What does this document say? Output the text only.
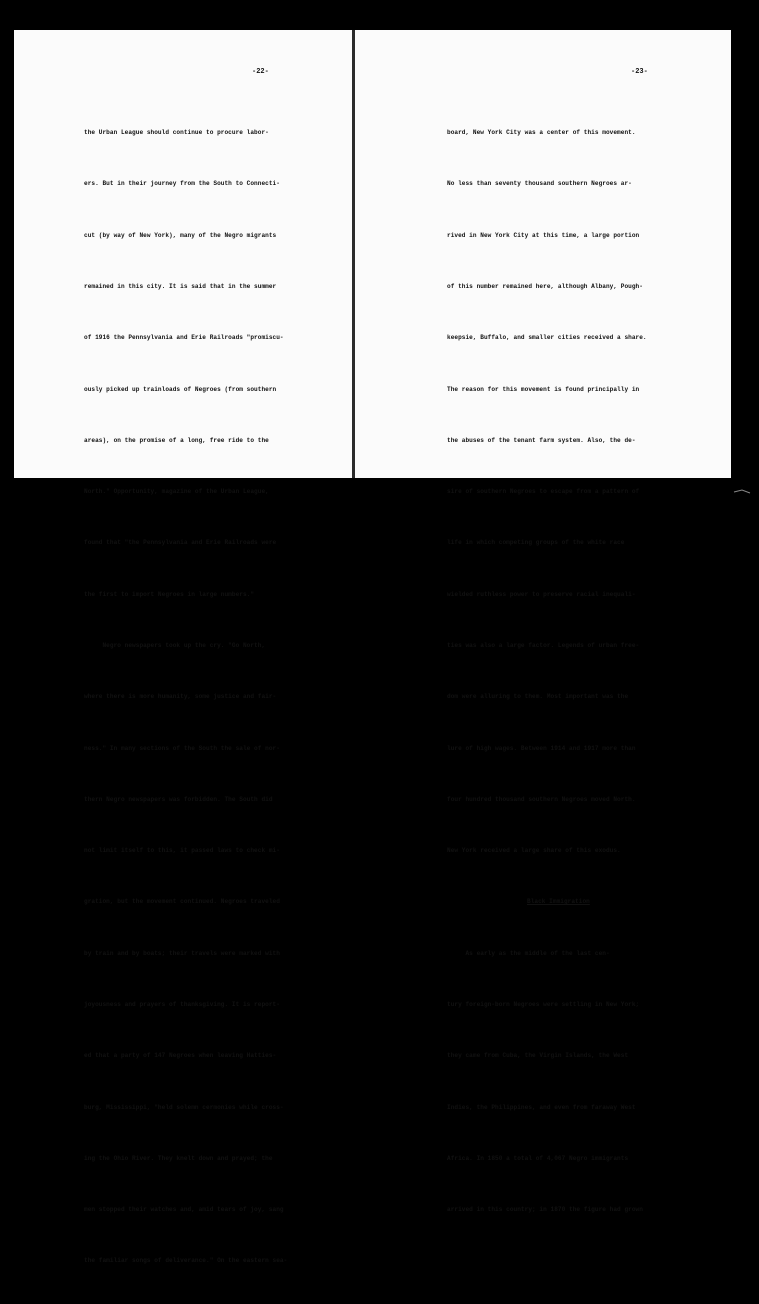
-22-

the Urban League should continue to procure labor-

ers. But in their journey from the South to Connecti-

cut (by way of New York), many of the Negro migrants

remained in this city. It is said that in the summer

of 1916 the Pennsylvania and Erie Railroads "promiscu-

ously picked up trainloads of Negroes (from southern

areas), on the promise of a long, free ride to the

North." Opportunity, magazine of the Urban League,

found that "the Pennsylvania and Erie Railroads were

the first to import Negroes in large numbers."

Negro newspapers took up the cry. "Go North,

where there is more humanity, some justice and fair-

ness." In many sections of the South the sale of nor-

thern Negro newspapers was forbidden. The South did

not limit itself to this, it passed laws to check mi-

gration, but the movement continued. Negroes traveled

by train and by boats; their travels were marked with

joyousness and prayers of thanksgiving. It is report-

ed that a party of 147 Negroes when leaving Hatties-

burg, Mississippi, "held solemn cermonies while cross-

ing the Ohio River. They knelt down and prayed; the

men stopped their watches and, amid tears of joy, sang

the familiar songs of deliverance." On the eastern sea-

-23-

board, New York City was a center of this movement.

No less than seventy thousand southern Negroes ar-

rived in New York City at this time, a large portion

of this number remained here, although Albany, Pough-

keepsie, Buffalo, and smaller cities received a share.

The reason for this movement is found principally in

the abuses of the tenant farm system. Also, the de-

sire of southern Negroes to escape from a pattern of

life in which competing groups of the white race

wielded ruthless power to preserve racial inequali-

ties was also a large factor. Legends of urban free-

dom were alluring to them. Most important was the

lure of high wages. Between 1914 and 1917 more than

four hundred thousand southern Negroes moved North.

New York received a large share of this exodus.

Black Immigration

As early as the middle of the last cen-

tury foreign-born Negroes were settling in New York;

they came from Cuba, the Virgin Islands, the West

Indies, the Philippines, and even from faraway West

Africa. In 1850 a total of 4,067 Negro immigrants

arrived in this country; in 1870 the figure had grown
